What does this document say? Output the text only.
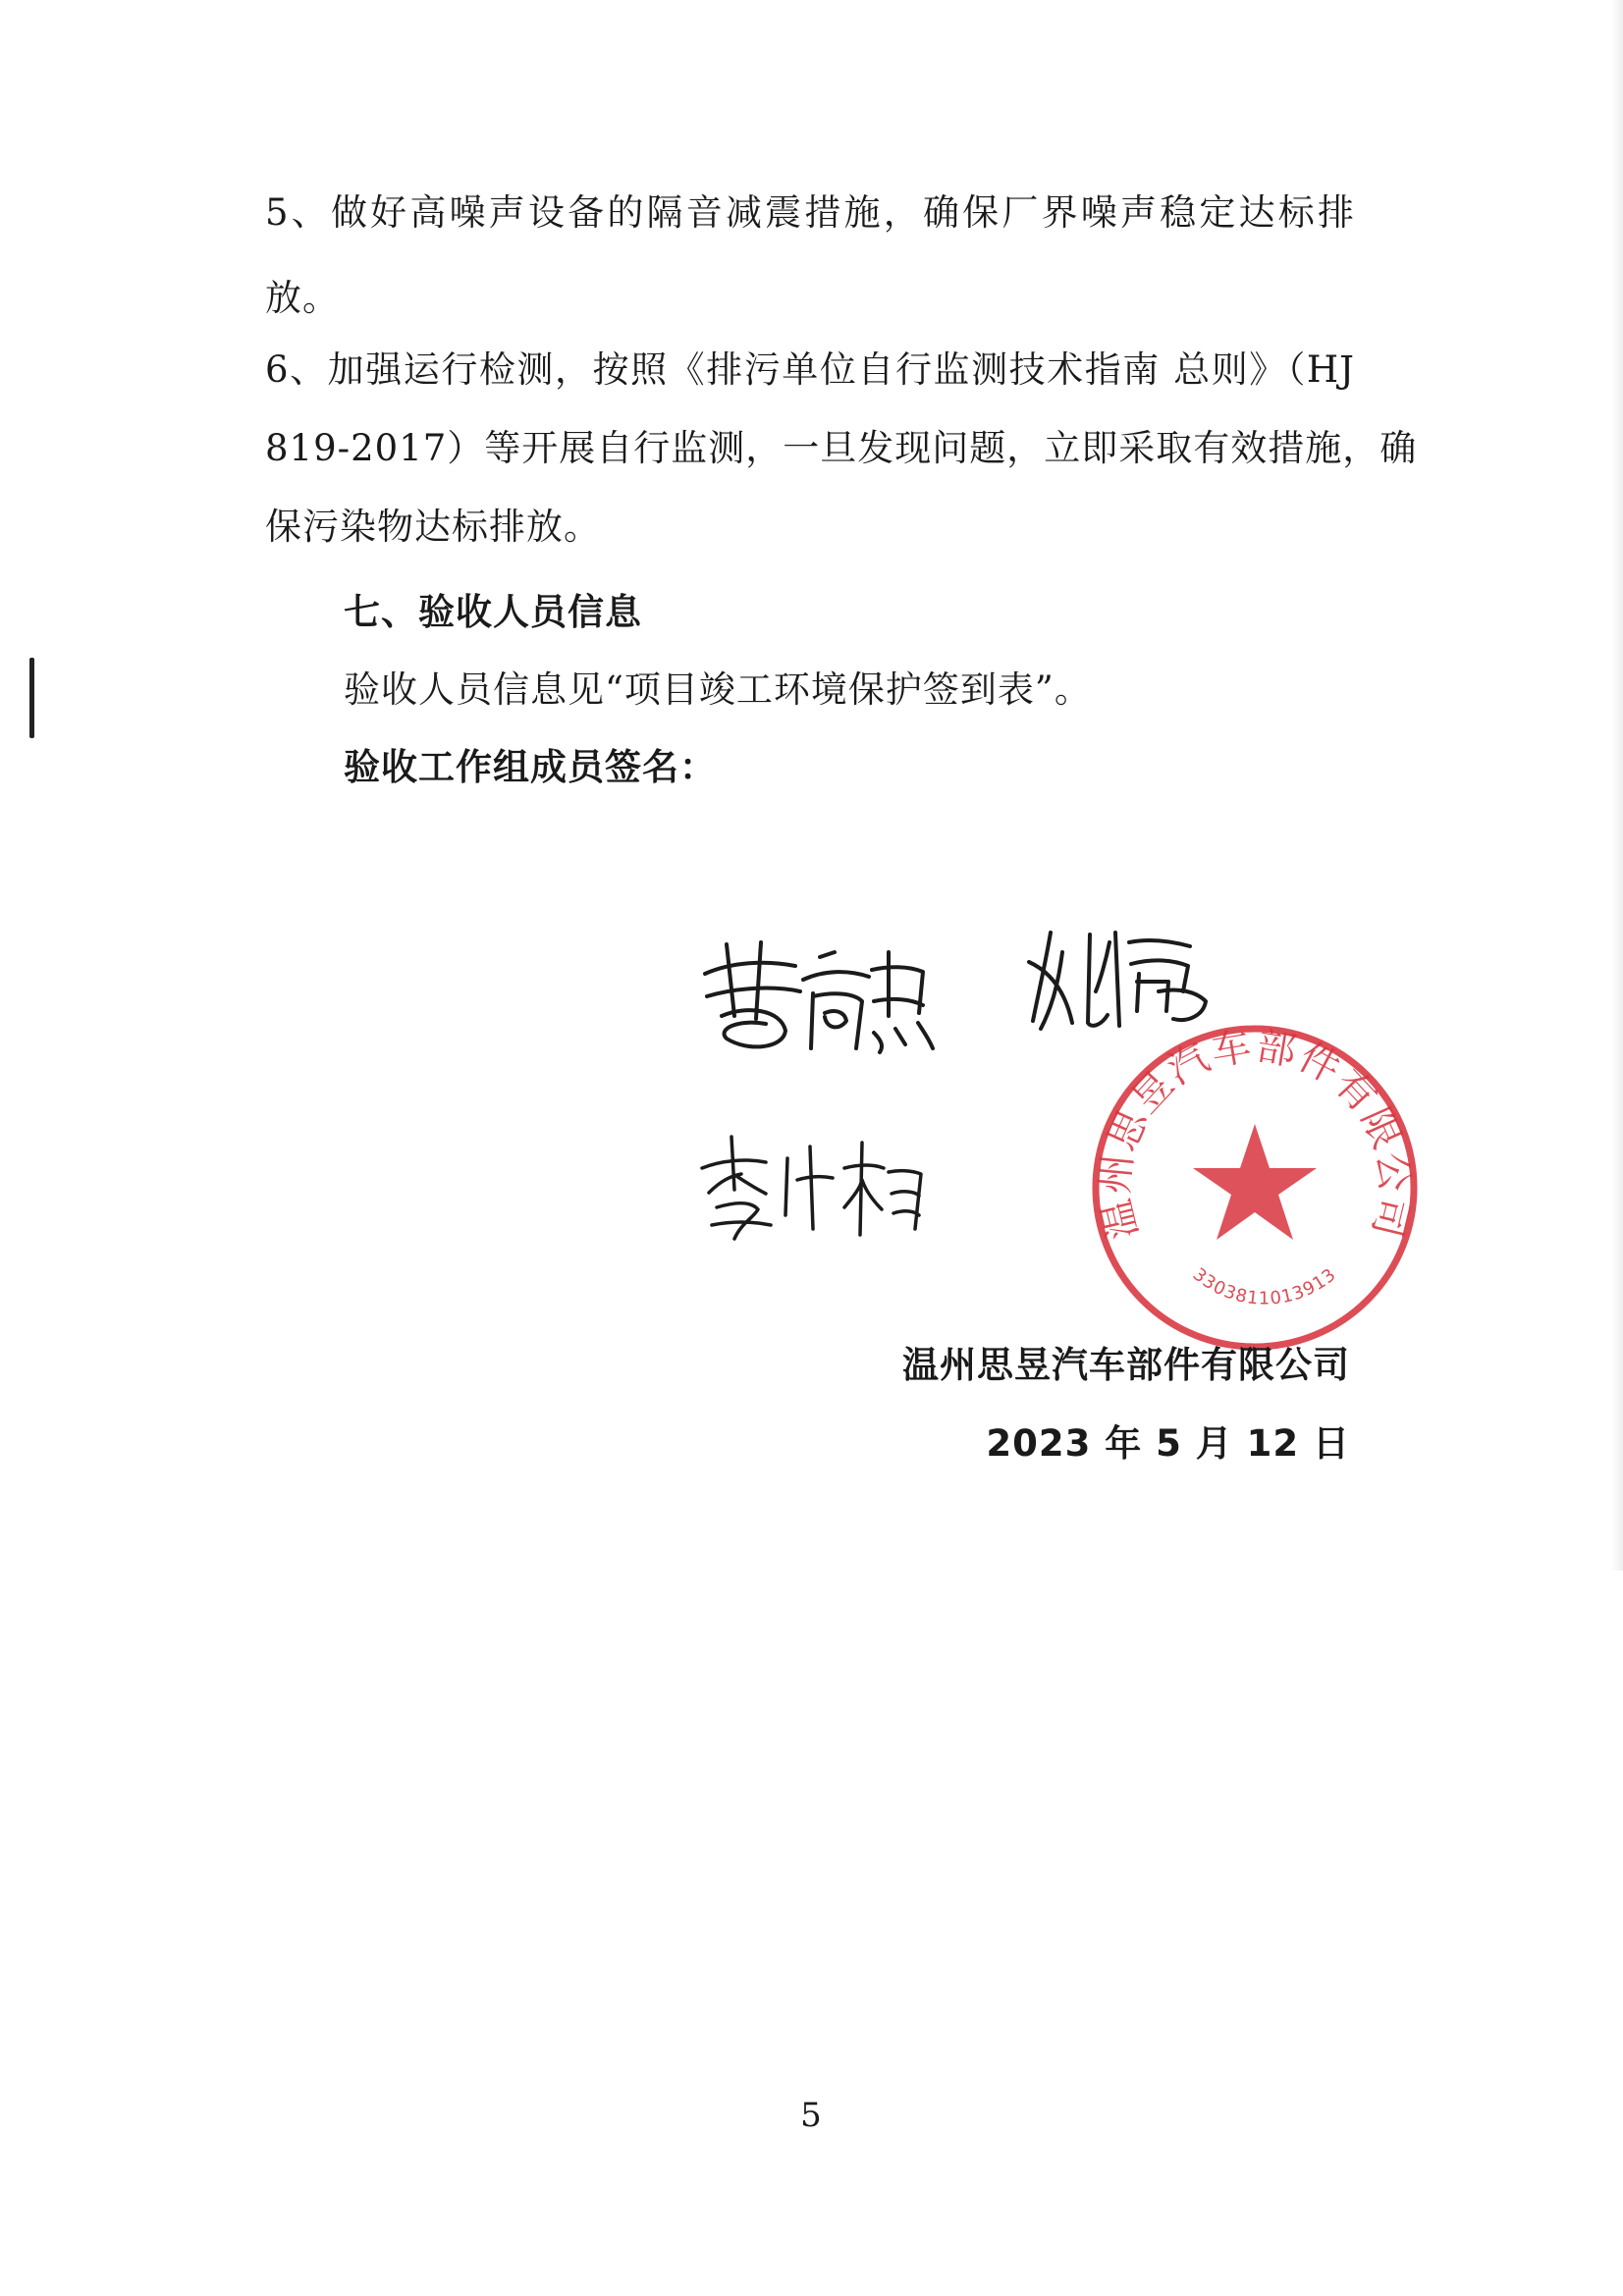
5、做好高噪声设备的隔音减震措施，确保厂界噪声稳定达标排
放。
6、加强运行检测，按照《排污单位自行监测技术指南 总则》（HJ
819-2017）等开展自行监测，一旦发现问题，立即采取有效措施，确
保污染物达标排放。
七、验收人员信息
验收人员信息见“项目竣工环境保护签到表”。
验收工作组成员签名：
温州思昱汽车部件有限公司
3303811013913
温州思昱汽车部件有限公司
2023 年 5 月 12 日
5
